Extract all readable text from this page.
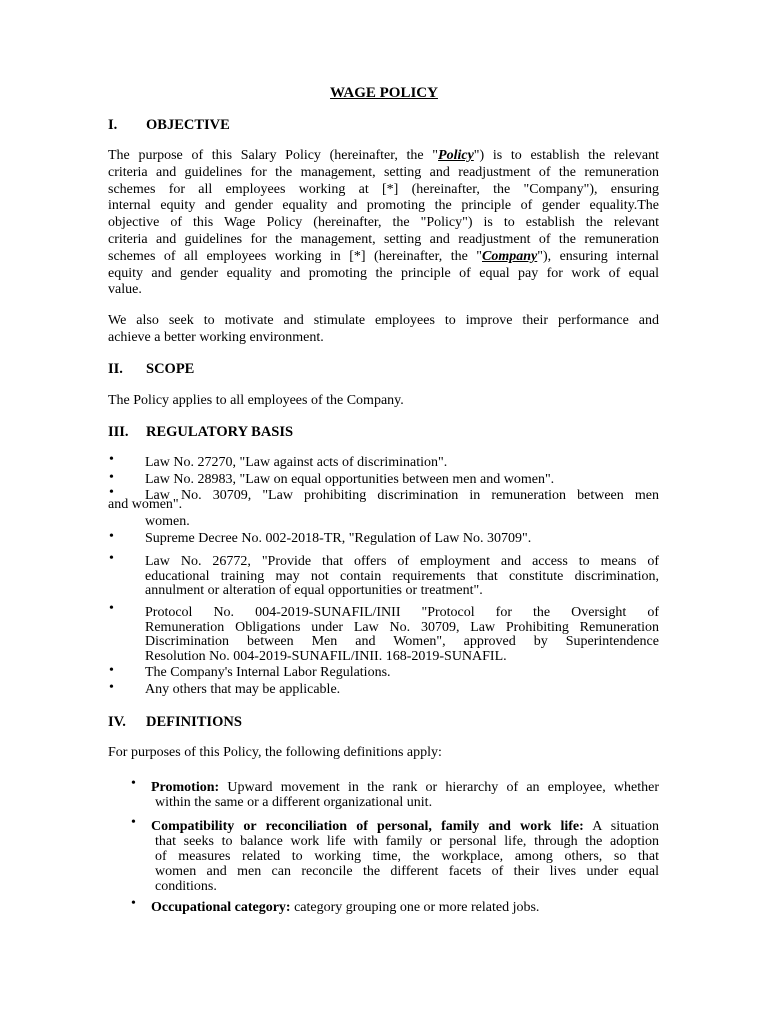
WAGE POLICY
I. OBJECTIVE
The purpose of this Salary Policy (hereinafter, the "Policy") is to establish the relevant
criteria and guidelines for the management, setting and readjustment of the remuneration
schemes for all employees working at [*] (hereinafter, the "Company"), ensuring
internal equity and gender equality and promoting the principle of gender equality.The
objective of this Wage Policy (hereinafter, the "Policy") is to establish the relevant
criteria and guidelines for the management, setting and readjustment of the remuneration
schemes of all employees working in [*] (hereinafter, the "Company"), ensuring internal
equity and gender equality and promoting the principle of equal pay for work of equal
value.
We also seek to motivate and stimulate employees to improve their performance and
achieve a better working environment.
II. SCOPE
The Policy applies to all employees of the Company.
III. REGULATORY BASIS
• Law No. 27270, "Law against acts of discrimination".
• Law No. 28983, "Law on equal opportunities between men and women".
• Law No. 30709, "Law prohibiting discrimination in remuneration between men
and women".
women.
• Supreme Decree No. 002-2018-TR, "Regulation of Law No. 30709".
• Law No. 26772, "Provide that offers of employment and access to means of
educational training may not contain requirements that constitute discrimination,
annulment or alteration of equal opportunities or treatment".
• Protocol No. 004-2019-SUNAFIL/INII "Protocol for the Oversight of
Remuneration Obligations under Law No. 30709, Law Prohibiting Remuneration
Discrimination between Men and Women", approved by Superintendence
Resolution No. 004-2019-SUNAFIL/INII. 168-2019-SUNAFIL.
• The Company's Internal Labor Regulations.
• Any others that may be applicable.
IV. DEFINITIONS
For purposes of this Policy, the following definitions apply:
• Promotion: Upward movement in the rank or hierarchy of an employee, whether
within the same or a different organizational unit.
• Compatibility or reconciliation of personal, family and work life: A situation
that seeks to balance work life with family or personal life, through the adoption
of measures related to working time, the workplace, among others, so that
women and men can reconcile the different facets of their lives under equal
conditions.
• Occupational category: category grouping one or more related jobs.
